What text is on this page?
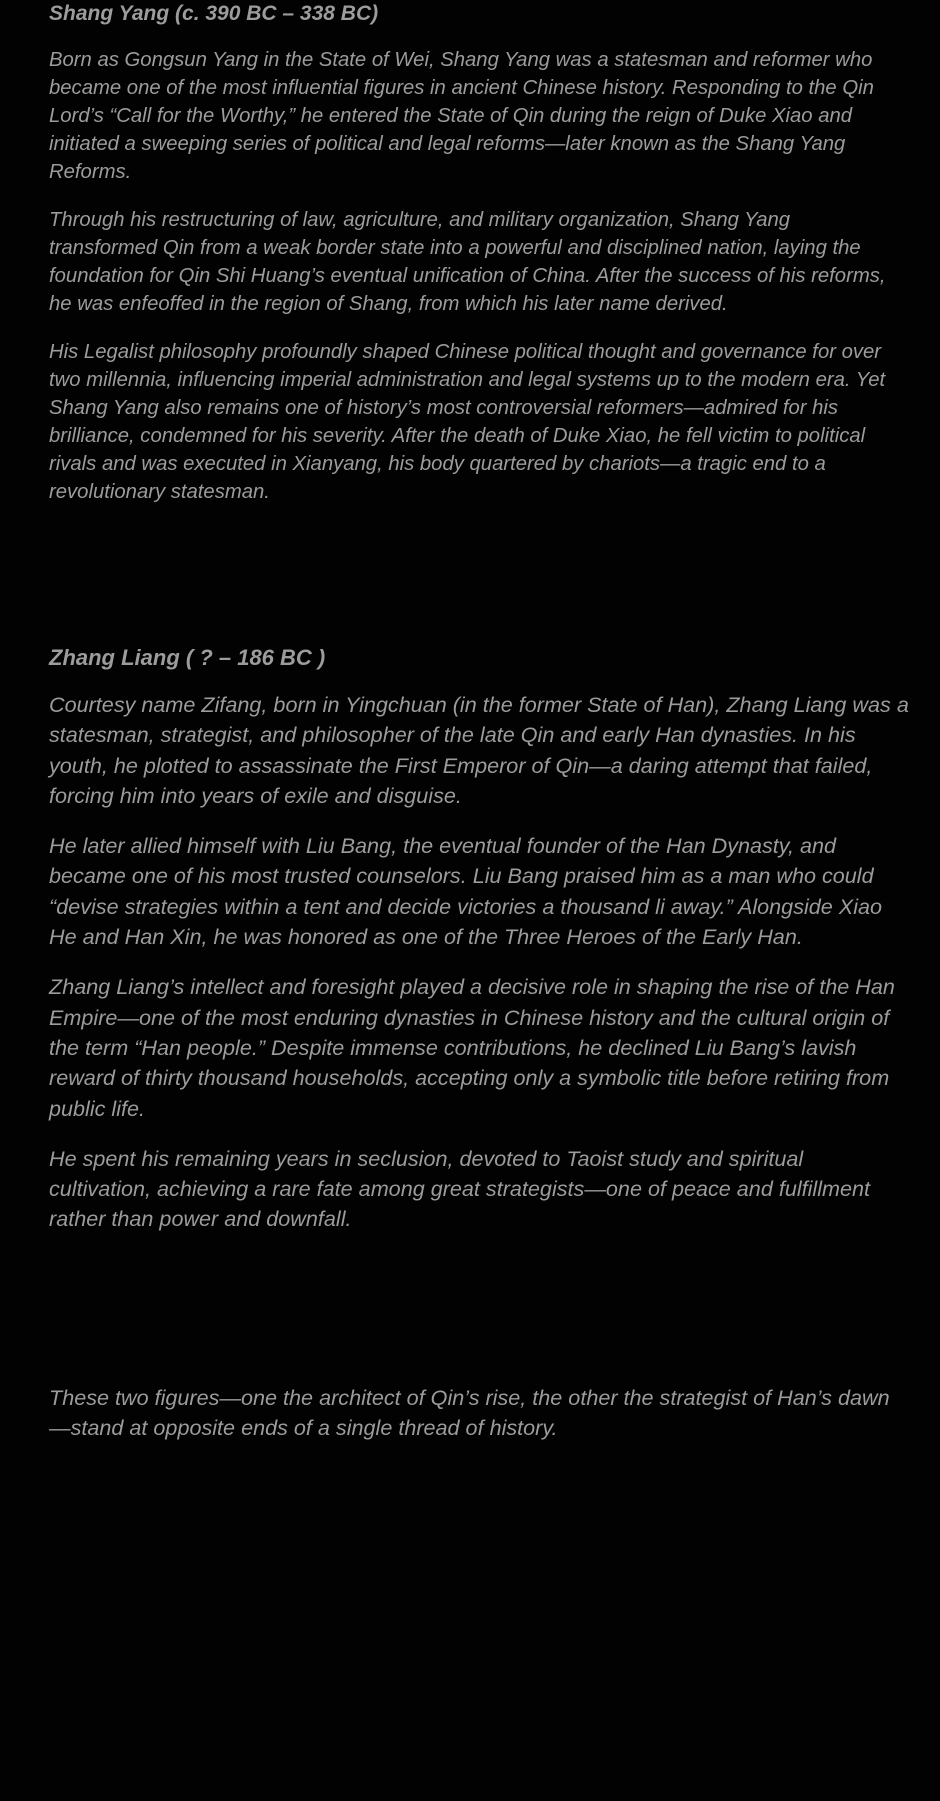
Shang Yang (c. 390 BC – 338 BC)

Born as Gongsun Yang in the State of Wei, Shang Yang was a statesman and reformer who became one of the most influential figures in ancient Chinese history. Responding to the Qin Lord’s “Call for the Worthy,” he entered the State of Qin during the reign of Duke Xiao and initiated a sweeping series of political and legal reforms—later known as the Shang Yang Reforms.

Through his restructuring of law, agriculture, and military organization, Shang Yang transformed Qin from a weak border state into a powerful and disciplined nation, laying the foundation for Qin Shi Huang’s eventual unification of China. After the success of his reforms, he was enfeoffed in the region of Shang, from which his later name derived.

His Legalist philosophy profoundly shaped Chinese political thought and governance for over two millennia, influencing imperial administration and legal systems up to the modern era. Yet Shang Yang also remains one of history’s most controversial reformers—admired for his brilliance, condemned for his severity. After the death of Duke Xiao, he fell victim to political rivals and was executed in Xianyang, his body quartered by chariots—a tragic end to a revolutionary statesman.

Zhang Liang ( ? – 186 BC )

Courtesy name Zifang, born in Yingchuan (in the former State of Han), Zhang Liang was a statesman, strategist, and philosopher of the late Qin and early Han dynasties. In his youth, he plotted to assassinate the First Emperor of Qin—a daring attempt that failed, forcing him into years of exile and disguise.

He later allied himself with Liu Bang, the eventual founder of the Han Dynasty, and became one of his most trusted counselors. Liu Bang praised him as a man who could “devise strategies within a tent and decide victories a thousand li away.” Alongside Xiao He and Han Xin, he was honored as one of the Three Heroes of the Early Han.

Zhang Liang’s intellect and foresight played a decisive role in shaping the rise of the Han Empire—one of the most enduring dynasties in Chinese history and the cultural origin of the term “Han people.” Despite immense contributions, he declined Liu Bang’s lavish reward of thirty thousand households, accepting only a symbolic title before retiring from public life.

He spent his remaining years in seclusion, devoted to Taoist study and spiritual cultivation, achieving a rare fate among great strategists—one of peace and fulfillment rather than power and downfall.

These two figures—one the architect of Qin’s rise, the other the strategist of Han’s dawn—stand at opposite ends of a single thread of history.
